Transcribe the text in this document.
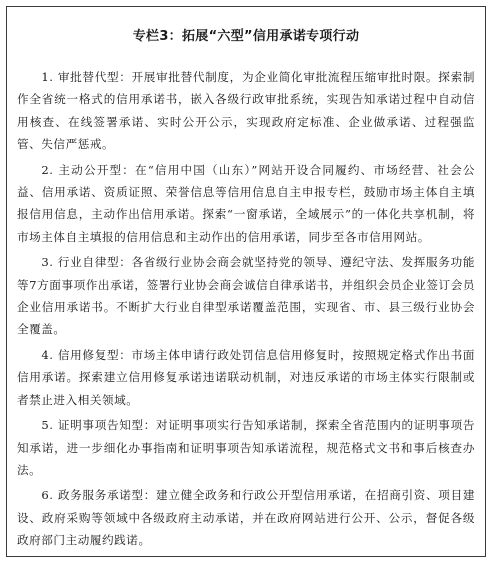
专栏3：拓展“六型”信用承诺专项行动

1. 审批替代型：开展审批替代制度，为企业简化审批流程压缩审批时限。探索制作全省统一格式的信用承诺书，嵌入各级行政审批系统，实现告知承诺过程中自动信用核查、在线签署承诺、实时公开公示，实现政府定标准、企业做承诺、过程强监管、失信严惩戒。

2. 主动公开型：在“信用中国（山东）”网站开设合同履约、市场经营、社会公益、信用承诺、资质证照、荣誉信息等信用信息自主申报专栏，鼓励市场主体自主填报信用信息，主动作出信用承诺。探索“一窗承诺，全域展示”的一体化共享机制，将市场主体自主填报的信用信息和主动作出的信用承诺，同步至各市信用网站。

3. 行业自律型：各省级行业协会商会就坚持党的领导、遵纪守法、发挥服务功能等7方面事项作出承诺，签署行业协会商会诚信自律承诺书，并组织会员企业签订会员企业信用承诺书。不断扩大行业自律型承诺覆盖范围，实现省、市、县三级行业协会全覆盖。

4. 信用修复型：市场主体申请行政处罚信息信用修复时，按照规定格式作出书面信用承诺。探索建立信用修复承诺违诺联动机制，对违反承诺的市场主体实行限制或者禁止进入相关领域。

5. 证明事项告知型：对证明事项实行告知承诺制，探索全省范围内的证明事项告知承诺，进一步细化办事指南和证明事项告知承诺流程，规范格式文书和事后核查办法。

6. 政务服务承诺型：建立健全政务和行政公开型信用承诺，在招商引资、项目建设、政府采购等领域中各级政府主动承诺，并在政府网站进行公开、公示，督促各级政府部门主动履约践诺。
